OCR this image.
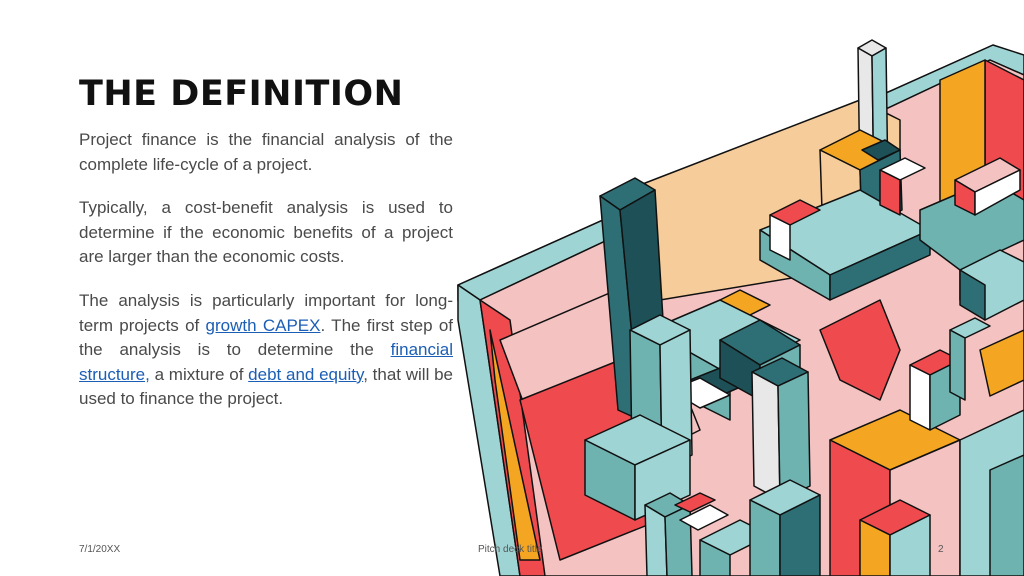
THE DEFINITION

Project finance is the financial analysis of the complete life-cycle of a project.

Typically, a cost-benefit analysis is used to determine if the economic benefits of a project are larger than the economic costs.

The analysis is particularly important for long-term projects of growth CAPEX. The first step of the analysis is to determine the financial structure, a mixture of debt and equity, that will be used to finance the project.

7/1/20XX	Pitch deck title	2
